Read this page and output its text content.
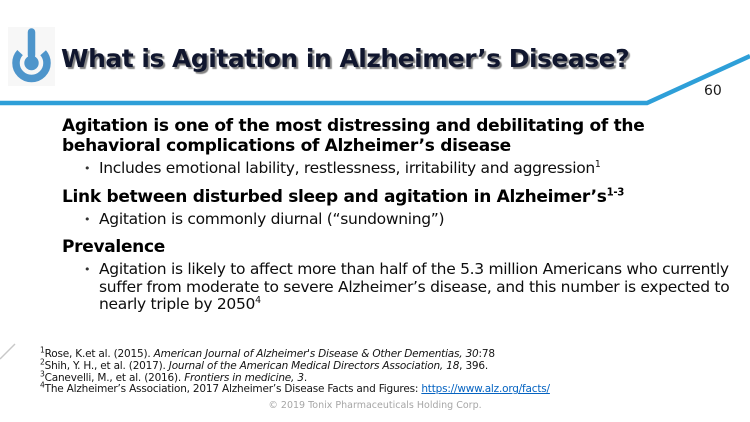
What is Agitation in Alzheimer’s Disease?
60
Agitation is one of the most distressing and debilitating of the behavioral complications of Alzheimer’s disease
• Includes emotional lability, restlessness, irritability and aggression$^1$
Link between disturbed sleep and agitation in $Alzheimer’s^{1-3}$
• Agitation is commonly diurnal (“sundowning”)
Prevalence
• Agitation is likely to affect more than half of the 5.3 million Americans who currently suffer from moderate to severe Alzheimer’s disease, and this number is expected to nearly triple by 2050$^4$
$^1$Rose, K.et al. (2015). American Journal of Alzheimer's Disease & Other Dementias, 30:78
$^2$Shih, Y. H., et al. (2017). Journal of the American Medical Directors Association, 18, 396.
$^3$Canevelli, M., et al. (2016). Frontiers in medicine, 3.
$^4$The Alzheimer’s Association, 2017 Alzheimer’s Disease Facts and Figures: https://www.alz.org/facts/
© 2019 Tonix Pharmaceuticals Holding Corp.
